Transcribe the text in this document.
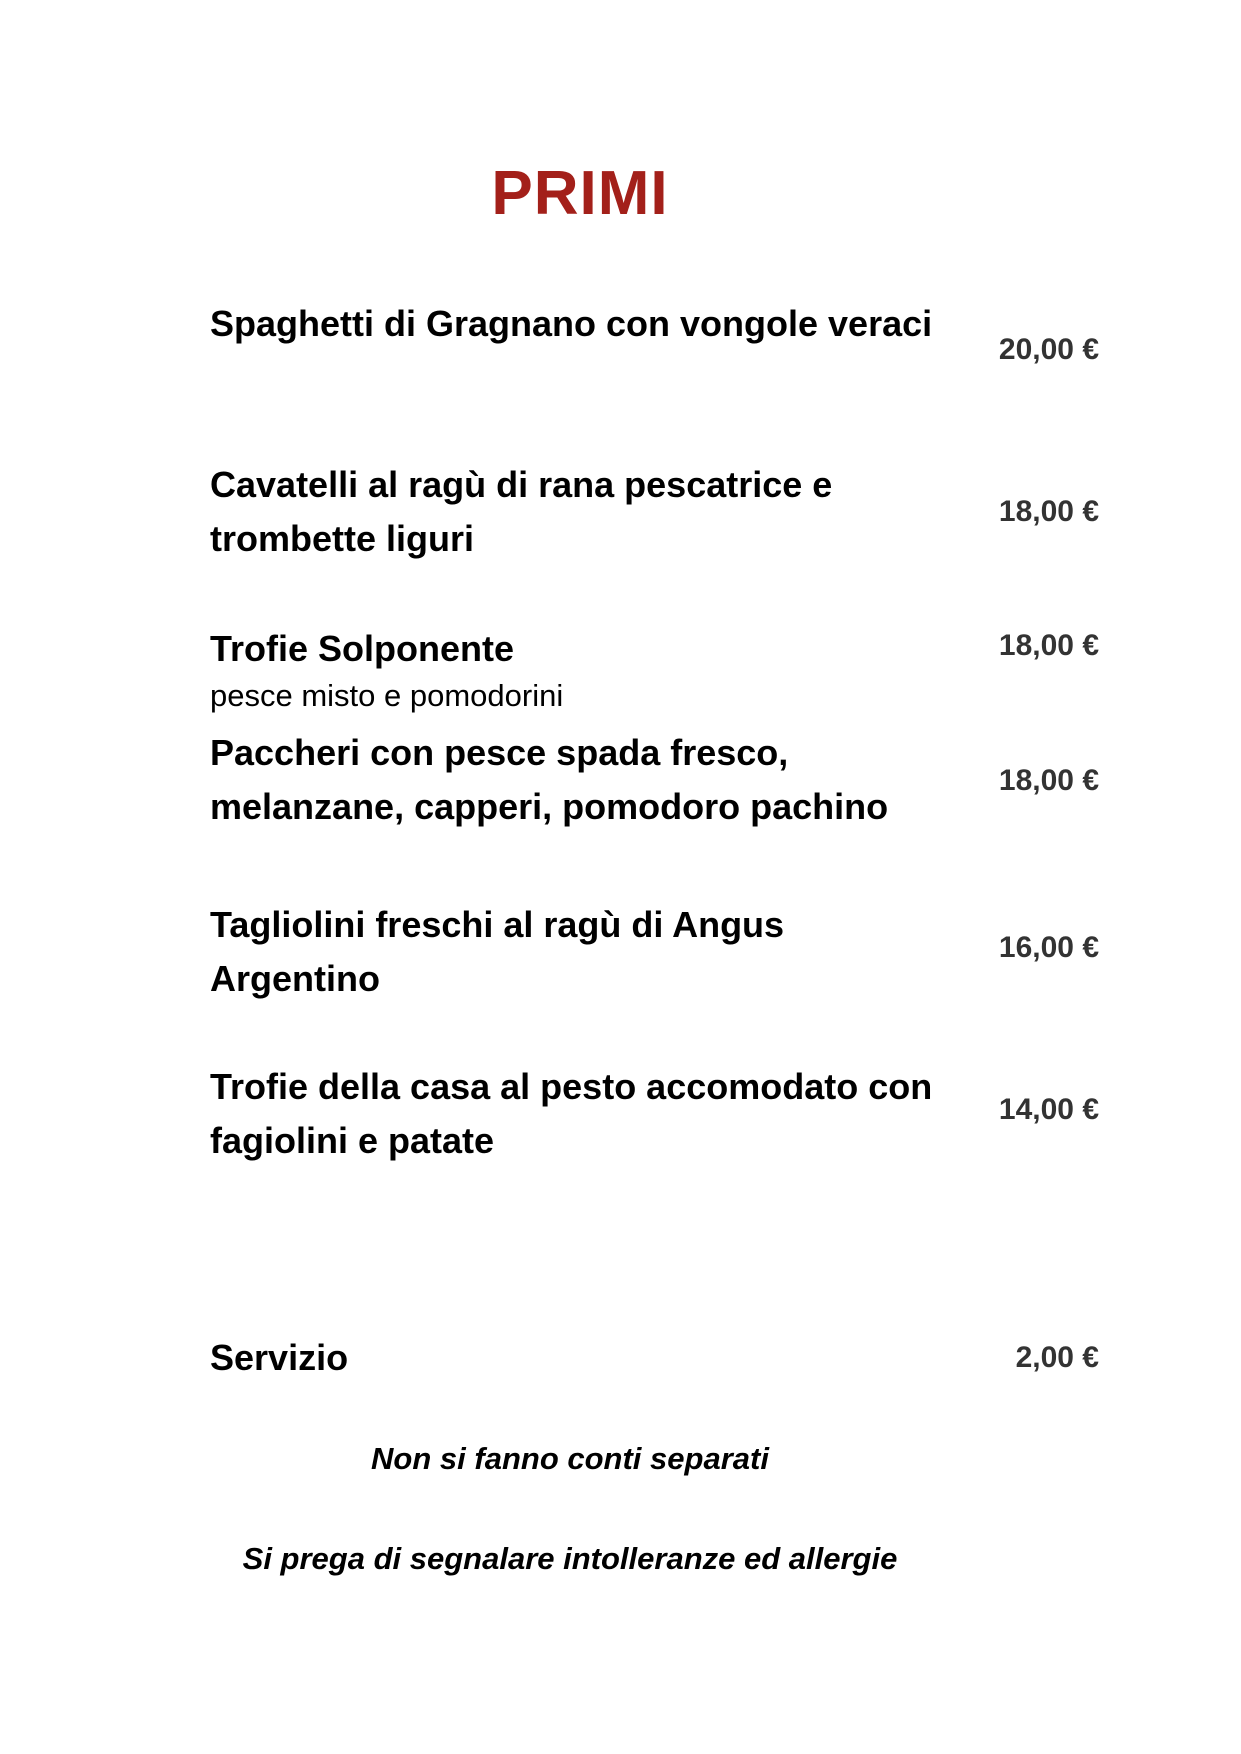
PRIMI
Spaghetti di Gragnano con vongole veraci
20,00 €
Cavatelli al ragù di rana pescatrice e trombette liguri
18,00 €
Trofie Solponente
pesce misto e pomodorini
18,00 €
Paccheri con pesce spada fresco, melanzane, capperi, pomodoro pachino
18,00 €
Tagliolini freschi al ragù di Angus Argentino
16,00 €
Trofie della casa al pesto accomodato con fagiolini e patate
14,00 €
Servizio	2,00 €
Non si fanno conti separati
Si prega di segnalare intolleranze ed allergie
